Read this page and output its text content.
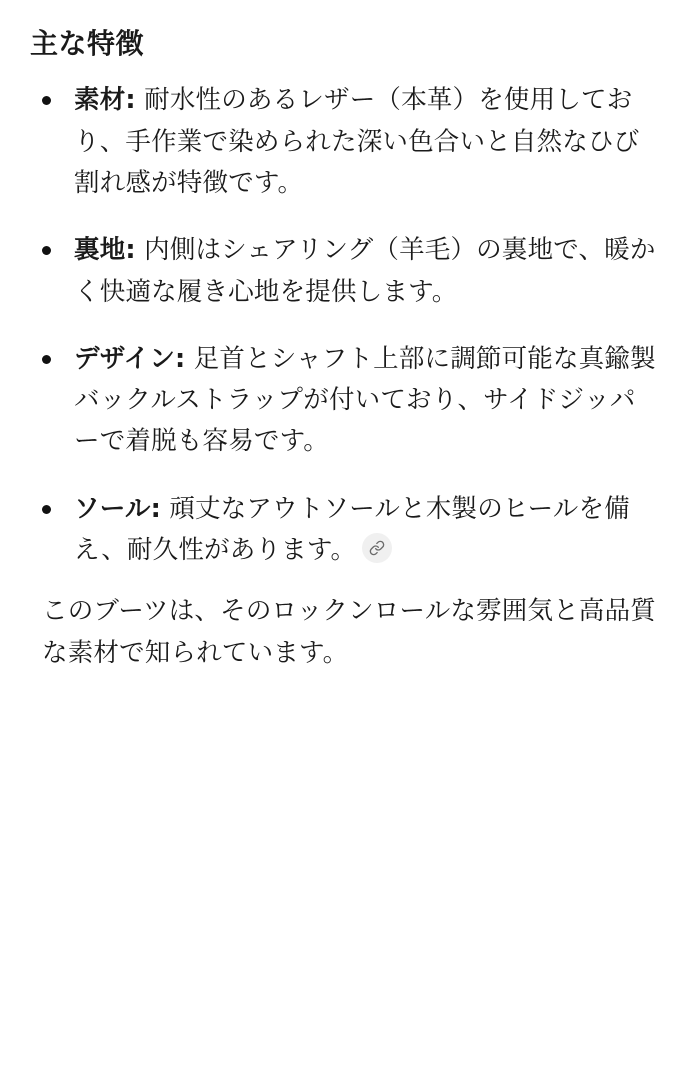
主な特徴
素材: 耐水性のあるレザー（本革）を使用しており、手作業で染められた深い色合いと自然なひび割れ感が特徴です。
裏地: 内側はシェアリング（羊毛）の裏地で、暖かく快適な履き心地を提供します。
デザイン: 足首とシャフト上部に調節可能な真鍮製バックルストラップが付いており、サイドジッパーで着脱も容易です。
ソール: 頑丈なアウトソールと木製のヒールを備え、耐久性があります。

このブーツは、そのロックンロールな雰囲気と高品質な素材で知られています。
